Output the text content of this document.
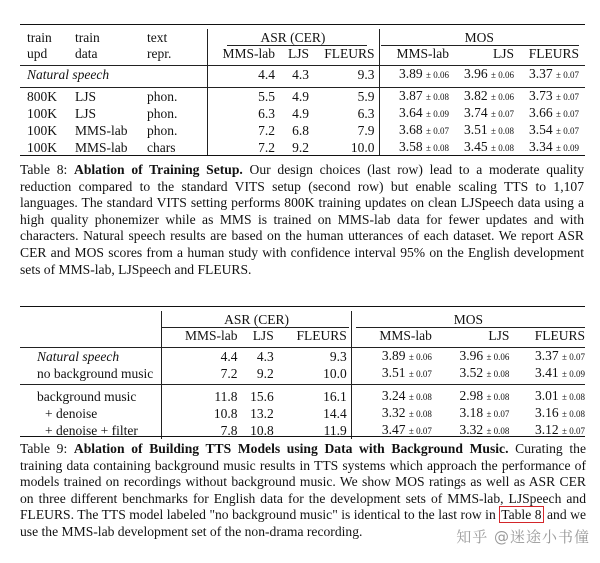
train	train	text	ASR (CER)			MOS		
upd	data	repr.	MMS-lab	LJS	FLEURS	MMS-lab	LJS	FLEURS

Natural speech			4.4	4.3	9.3	3.89 ± 0.06	3.96 ± 0.06	3.37 ± 0.07

800K	LJS	phon.	5.5	4.9	5.9	3.87 ± 0.08	3.82 ± 0.06	3.73 ± 0.07
100K	LJS	phon.	6.3	4.9	6.3	3.64 ± 0.09	3.74 ± 0.07	3.66 ± 0.07
100K	MMS-lab	phon.	7.2	6.8	7.9	3.68 ± 0.07	3.51 ± 0.08	3.54 ± 0.07
100K	MMS-lab	chars	7.2	9.2	10.0	3.58 ± 0.08	3.45 ± 0.08	3.34 ± 0.09
Table 8: Ablation of Training Setup. Our design choices (last row) lead to a moderate quality reduction compared to the standard VITS setup (second row) but enable scaling TTS to 1,107 languages. The standard VITS setting performs 800K training updates on clean LJSpeech data using a high quality phonemizer while as MMS is trained on MMS-lab data for fewer updates and with characters. Natural speech results are based on the human utterances of each dataset. We report ASR CER and MOS scores from a human study with confidence interval 95% on the English development sets of MMS-lab, LJSpeech and FLEURS.
	ASR (CER)			MOS		
	MMS-lab	LJS	FLEURS	MMS-lab	LJS	FLEURS

Natural speech	4.4	4.3	9.3	3.89 ± 0.06	3.96 ± 0.06	3.37 ± 0.07
no background music	7.2	9.2	10.0	3.51 ± 0.07	3.52 ± 0.08	3.41 ± 0.09

background music	11.8	15.6	16.1	3.24 ± 0.08	2.98 ± 0.08	3.01 ± 0.08
+ denoise	10.8	13.2	14.4	3.32 ± 0.08	3.18 ± 0.07	3.16 ± 0.08
+ denoise + filter	7.8	10.8	11.9	3.47 ± 0.07	3.32 ± 0.08	3.12 ± 0.07
Table 9: Ablation of Building TTS Models using Data with Background Music. Curating the training data containing background music results in TTS systems which approach the performance of models trained on recordings without background music. We show MOS ratings as well as ASR CER on three different benchmarks for English data for the development sets of MMS-lab, LJSpeech and FLEURS. The TTS model labeled "no background music" is identical to the last row in Table 8 and we use the MMS-lab development set of the non-drama recording.	知乎 @迷途小书僮
